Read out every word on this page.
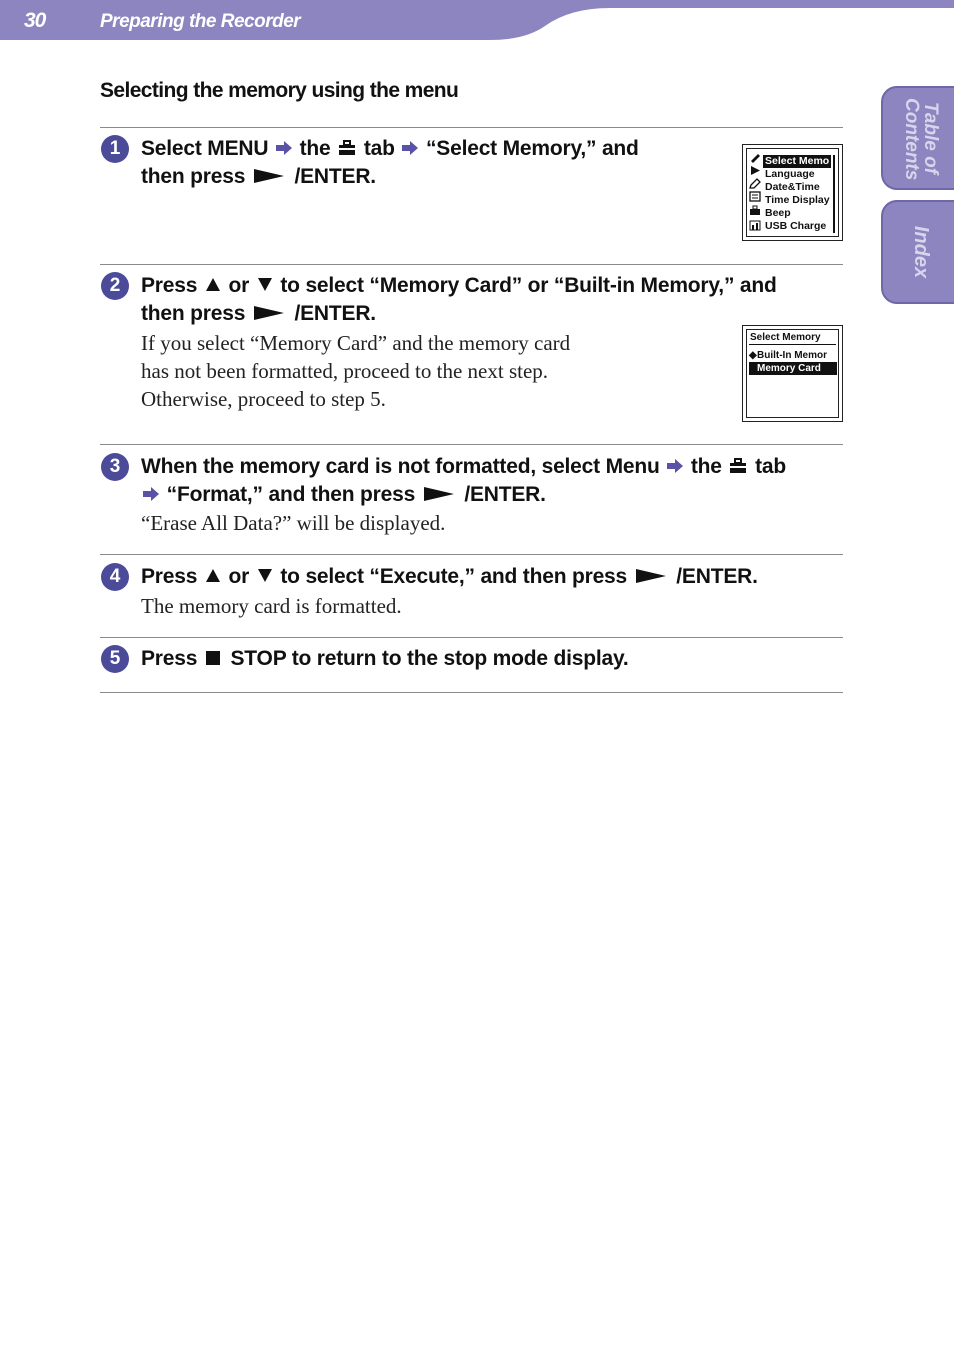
30	Preparing the Recorder
Table of Contents
Index
Selecting the memory using the menu
1 Select MENU the tab “Select Memory,” and
then press /ENTER.
Select Memo
Language
Date&Time
Time Display
Beep
USB Charge
2 Press or to select “Memory Card” or “Built-in Memory,” and
then press /ENTER.
If you select “Memory Card” and the memory card
has not been formatted, proceed to the next step.
Otherwise, proceed to step 5.
Select Memory
◆ Built-In Memor
Memory Card
3 When the memory card is not formatted, select Menu the tab
“Format,” and then press /ENTER.
“Erase All Data?” will be displayed.
4 Press or to select “Execute,” and then press /ENTER.
The memory card is formatted.
5 Press STOP to return to the stop mode display.
